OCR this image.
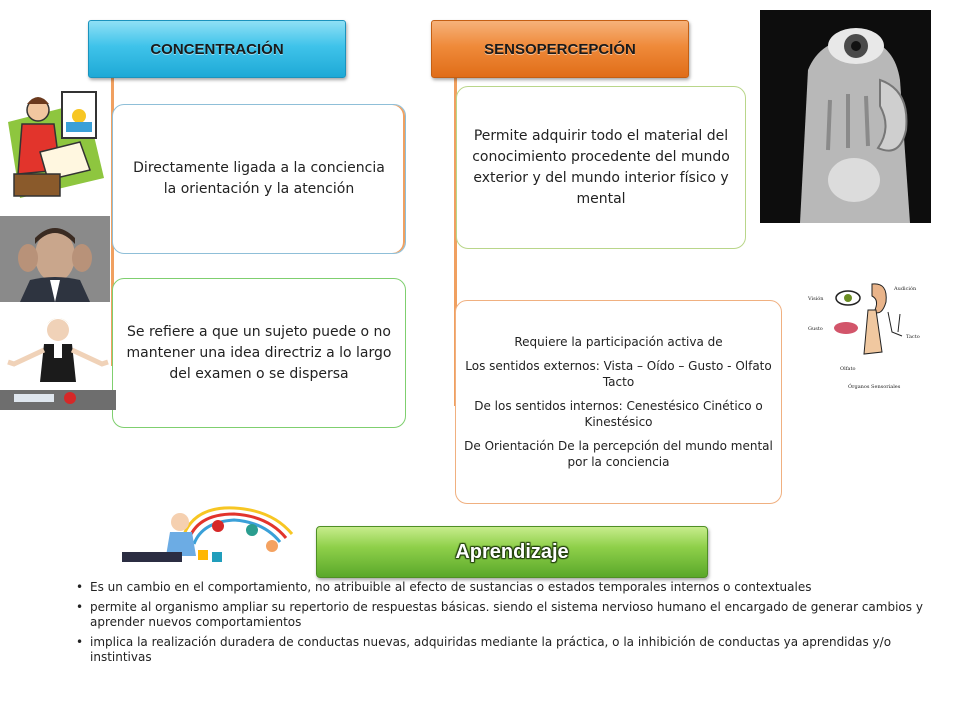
CONCENTRACIÓN	SENSOPERCEPCIÓN
Directamente ligada a la conciencia la orientación y la atención
Se refiere a que un sujeto puede o no mantener una idea directriz a lo largo del examen o se dispersa
Permite adquirir todo el material del conocimiento procedente del mundo exterior y del mundo interior físico y mental

Requiere la participación activa de

Los sentidos externos: Vista – Oído – Gusto - Olfato Tacto

De los sentidos internos: Cenestésico Cinético o Kinestésico

De Orientación De la percepción del mundo mental por la conciencia

Visión
Audición
Gusto
Tacto
Olfato
Órganos Sensoriales
Aprendizaje
• Es un cambio en el comportamiento, no atribuible al efecto de sustancias o estados temporales internos o contextuales
• permite al organismo ampliar su repertorio de respuestas básicas. siendo el sistema nervioso humano el encargado de generar cambios y aprender nuevos comportamientos
• implica la realización duradera de conductas nuevas, adquiridas mediante la práctica, o la inhibición de conductas ya aprendidas y/o instintivas
